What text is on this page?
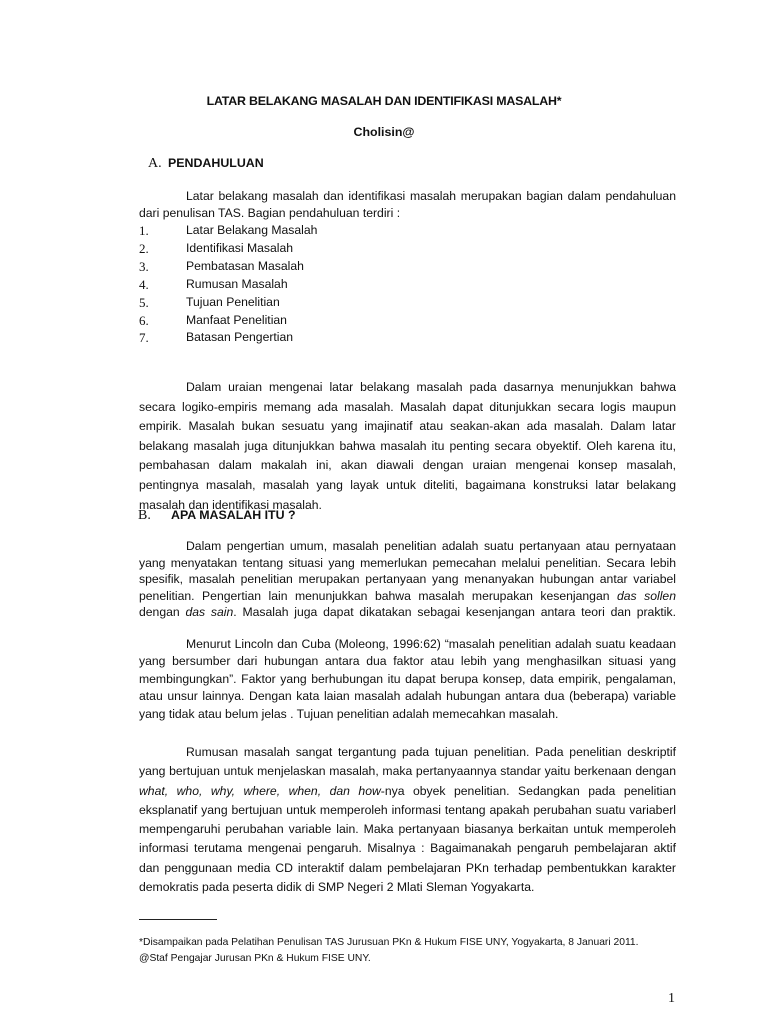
LATAR BELAKANG MASALAH DAN IDENTIFIKASI MASALAH*
Cholisin@
A. PENDAHULUAN

Latar belakang masalah dan identifikasi masalah merupakan bagian dalam pendahuluan dari penulisan TAS. Bagian pendahuluan terdiri :

1.	Latar Belakang Masalah
2.	Identifikasi Masalah
3.	Pembatasan Masalah
4.	Rumusan Masalah
5.	Tujuan Penelitian
6.	Manfaat Penelitian
7.	Batasan Pengertian

Dalam uraian mengenai latar belakang masalah pada dasarnya menunjukkan bahwa secara logiko-empiris memang ada masalah. Masalah dapat ditunjukkan secara logis maupun empirik. Masalah bukan sesuatu yang imajinatif atau seakan-akan ada masalah. Dalam latar belakang masalah juga ditunjukkan bahwa masalah itu penting secara obyektif. Oleh karena itu, pembahasan dalam makalah ini, akan diawali dengan uraian mengenai konsep masalah, pentingnya masalah, masalah yang layak untuk diteliti, bagaimana konstruksi latar belakang masalah dan identifikasi masalah.

B. APA MASALAH ITU ?

Dalam pengertian umum, masalah penelitian adalah suatu pertanyaan atau pernyataan yang menyatakan tentang situasi yang memerlukan pemecahan melalui penelitian. Secara lebih spesifik, masalah penelitian merupakan pertanyaan yang menanyakan hubungan antar variabel penelitian. Pengertian lain menunjukkan bahwa masalah merupakan kesenjangan das sollen dengan das sain. Masalah juga dapat dikatakan sebagai kesenjangan antara teori dan praktik.

Menurut Lincoln dan Cuba (Moleong, 1996:62) “masalah penelitian adalah suatu keadaan yang bersumber dari hubungan antara dua faktor atau lebih yang menghasilkan situasi yang membingungkan”. Faktor yang berhubungan itu dapat berupa konsep, data empirik, pengalaman, atau unsur lainnya. Dengan kata laian masalah adalah hubungan antara dua (beberapa) variable yang tidak atau belum jelas . Tujuan penelitian adalah memecahkan masalah.

Rumusan masalah sangat tergantung pada tujuan penelitian. Pada penelitian deskriptif yang bertujuan untuk menjelaskan masalah, maka pertanyaannya standar yaitu berkenaan dengan what, who, why, where, when, dan how-nya obyek penelitian. Sedangkan pada penelitian eksplanatif yang bertujuan untuk memperoleh informasi tentang apakah perubahan suatu variaberl mempengaruhi perubahan variable lain. Maka pertanyaan biasanya berkaitan untuk memperoleh informasi terutama mengenai pengaruh. Misalnya : Bagaimanakah pengaruh pembelajaran aktif dan penggunaan media CD interaktif dalam pembelajaran PKn terhadap pembentukkan karakter demokratis pada peserta didik di SMP Negeri 2 Mlati Sleman Yogyakarta.

*Disampaikan pada Pelatihan Penulisan TAS Jurusuan PKn & Hukum FISE UNY, Yogyakarta, 8 Januari 2011.
@Staf Pengajar Jurusan PKn & Hukum FISE UNY.
1
